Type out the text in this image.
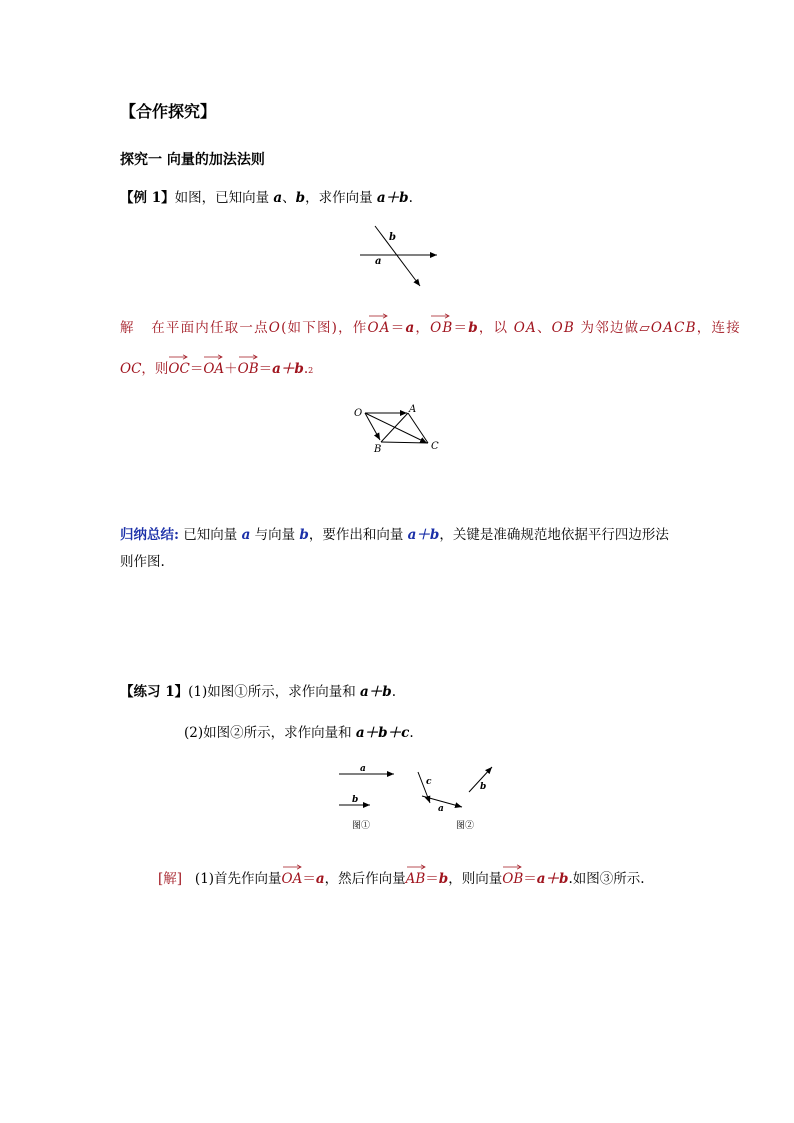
【合作探究】
探究一 向量的加法法则
【例 1】如图，已知向量 a、b，求作向量 a＋b.
b
a
解 在平面内任取一点O(如下图)，作
OA＝a，
OB＝b，以 OA、OB 为邻边做▱OACB，连接
OC，则
OC＝
OA＋
OB＝a＋b.2
O	A
B	C
归纳总结: 已知向量 a 与向量 b，要作出和向量 a＋b，关键是准确规范地依据平行四边形法
则作图.
【练习 1】(1)如图①所示，求作向量和 a＋b.
(2)如图②所示，求作向量和 a＋b＋c.
a
b
图①
c	b
a
图②
[解] (1)首先作向量
OA＝a，然后作向量
AB＝b，则向量
OB＝a＋b.如图③所示.
